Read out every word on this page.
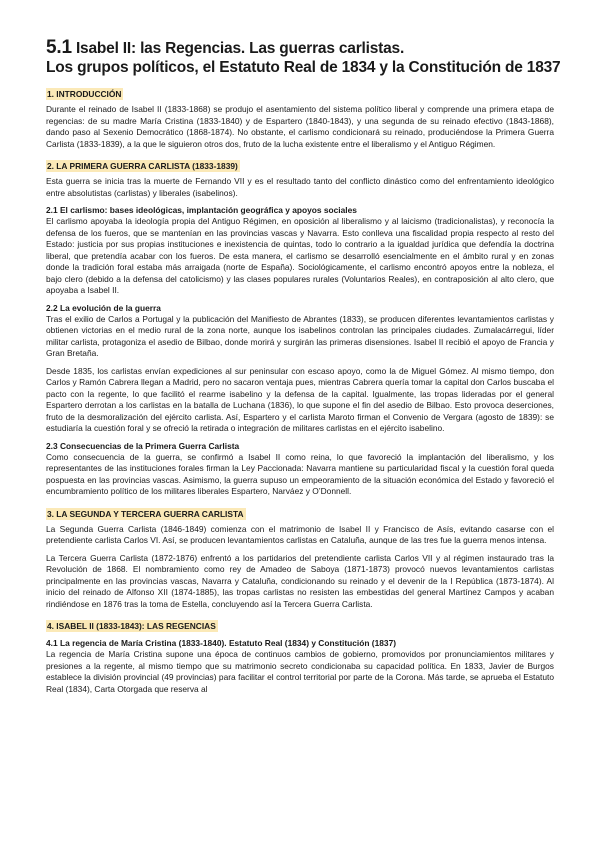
5.1 Isabel II: las Regencias. Las guerras carlistas.
Los grupos políticos, el Estatuto Real de 1834 y la Constitución de 1837
1. INTRODUCCIÓN

Durante el reinado de Isabel II (1833-1868) se produjo el asentamiento del sistema político liberal y comprende una primera etapa de regencias: de su madre María Cristina (1833-1840) y de Espartero (1840-1843), y una segunda de su reinado efectivo (1843-1868), dando paso al Sexenio Democrático (1868-1874). No obstante, el carlismo condicionará su reinado, produciéndose la Primera Guerra Carlista (1833-1839), a la que le siguieron otros dos, fruto de la lucha existente entre el liberalismo y el Antiguo Régimen.

2. LA PRIMERA GUERRA CARLISTA (1833-1839)

Esta guerra se inicia tras la muerte de Fernando VII y es el resultado tanto del conflicto dinástico como del enfrentamiento ideológico entre absolutistas (carlistas) y liberales (isabelinos).

2.1 El carlismo: bases ideológicas, implantación geográfica y apoyos sociales

El carlismo apoyaba la ideología propia del Antiguo Régimen, en oposición al liberalismo y al laicismo (tradicionalistas), y reconocía la defensa de los fueros, que se mantenían en las provincias vascas y Navarra. Esto conlleva una fiscalidad propia respecto al resto del Estado: justicia por sus propias instituciones e inexistencia de quintas, todo lo contrario a la igualdad jurídica que defendía la doctrina liberal, que pretendía acabar con los fueros. De esta manera, el carlismo se desarrolló esencialmente en el ámbito rural y en zonas donde la tradición foral estaba más arraigada (norte de España). Sociológicamente, el carlismo encontró apoyos entre la nobleza, el bajo clero (debido a la defensa del catolicismo) y las clases populares rurales (Voluntarios Reales), en contraposición al alto clero, que apoyaba a Isabel II.

2.2 La evolución de la guerra

Tras el exilio de Carlos a Portugal y la publicación del Manifiesto de Abrantes (1833), se producen diferentes levantamientos carlistas y obtienen victorias en el medio rural de la zona norte, aunque los isabelinos controlan las principales ciudades. Zumalacárregui, líder militar carlista, protagoniza el asedio de Bilbao, donde morirá y surgirán las primeras disensiones. Isabel II recibió el apoyo de Francia y Gran Bretaña.

Desde 1835, los carlistas envían expediciones al sur peninsular con escaso apoyo, como la de Miguel Gómez. Al mismo tiempo, don Carlos y Ramón Cabrera llegan a Madrid, pero no sacaron ventaja pues, mientras Cabrera quería tomar la capital don Carlos buscaba el pacto con la regente, lo que facilitó el rearme isabelino y la defensa de la capital. Igualmente, las tropas lideradas por el general Espartero derrotan a los carlistas en la batalla de Luchana (1836), lo que supone el fin del asedio de Bilbao. Esto provoca deserciones, fruto de la desmoralización del ejército carlista. Así, Espartero y el carlista Maroto firman el Convenio de Vergara (agosto de 1839): se estudiaría la cuestión foral y se ofreció la retirada o integración de militares carlistas en el ejército isabelino.

2.3 Consecuencias de la Primera Guerra Carlista

Como consecuencia de la guerra, se confirmó a Isabel II como reina, lo que favoreció la implantación del liberalismo, y los representantes de las instituciones forales firman la Ley Paccionada: Navarra mantiene su particularidad fiscal y la cuestión foral queda pospuesta en las provincias vascas. Asimismo, la guerra supuso un empeoramiento de la situación económica del Estado y favoreció el encumbramiento político de los militares liberales Espartero, Narváez y O’Donnell.

3. LA SEGUNDA Y TERCERA GUERRA CARLISTA

La Segunda Guerra Carlista (1846-1849) comienza con el matrimonio de Isabel II y Francisco de Asís, evitando casarse con el pretendiente carlista Carlos VI. Así, se producen levantamientos carlistas en Cataluña, aunque de las tres fue la guerra menos intensa.

La Tercera Guerra Carlista (1872-1876) enfrentó a los partidarios del pretendiente carlista Carlos VII y al régimen instaurado tras la Revolución de 1868. El nombramiento como rey de Amadeo de Saboya (1871-1873) provocó nuevos levantamientos carlistas principalmente en las provincias vascas, Navarra y Cataluña, condicionando su reinado y el devenir de la I República (1873-1874). Al inicio del reinado de Alfonso XII (1874-1885), las tropas carlistas no resisten las embestidas del general Martínez Campos y acaban rindiéndose en 1876 tras la toma de Estella, concluyendo así la Tercera Guerra Carlista.

4. ISABEL II (1833-1843): LAS REGENCIAS
4.1 La regencia de María Cristina (1833-1840). Estatuto Real (1834) y Constitución (1837)

La regencia de María Cristina supone una época de continuos cambios de gobierno, promovidos por pronunciamientos militares y presiones a la regente, al mismo tiempo que su matrimonio secreto condicionaba su capacidad política. En 1833, Javier de Burgos establece la división provincial (49 provincias) para facilitar el control territorial por parte de la Corona. Más tarde, se aprueba el Estatuto Real (1834), Carta Otorgada que reserva al
